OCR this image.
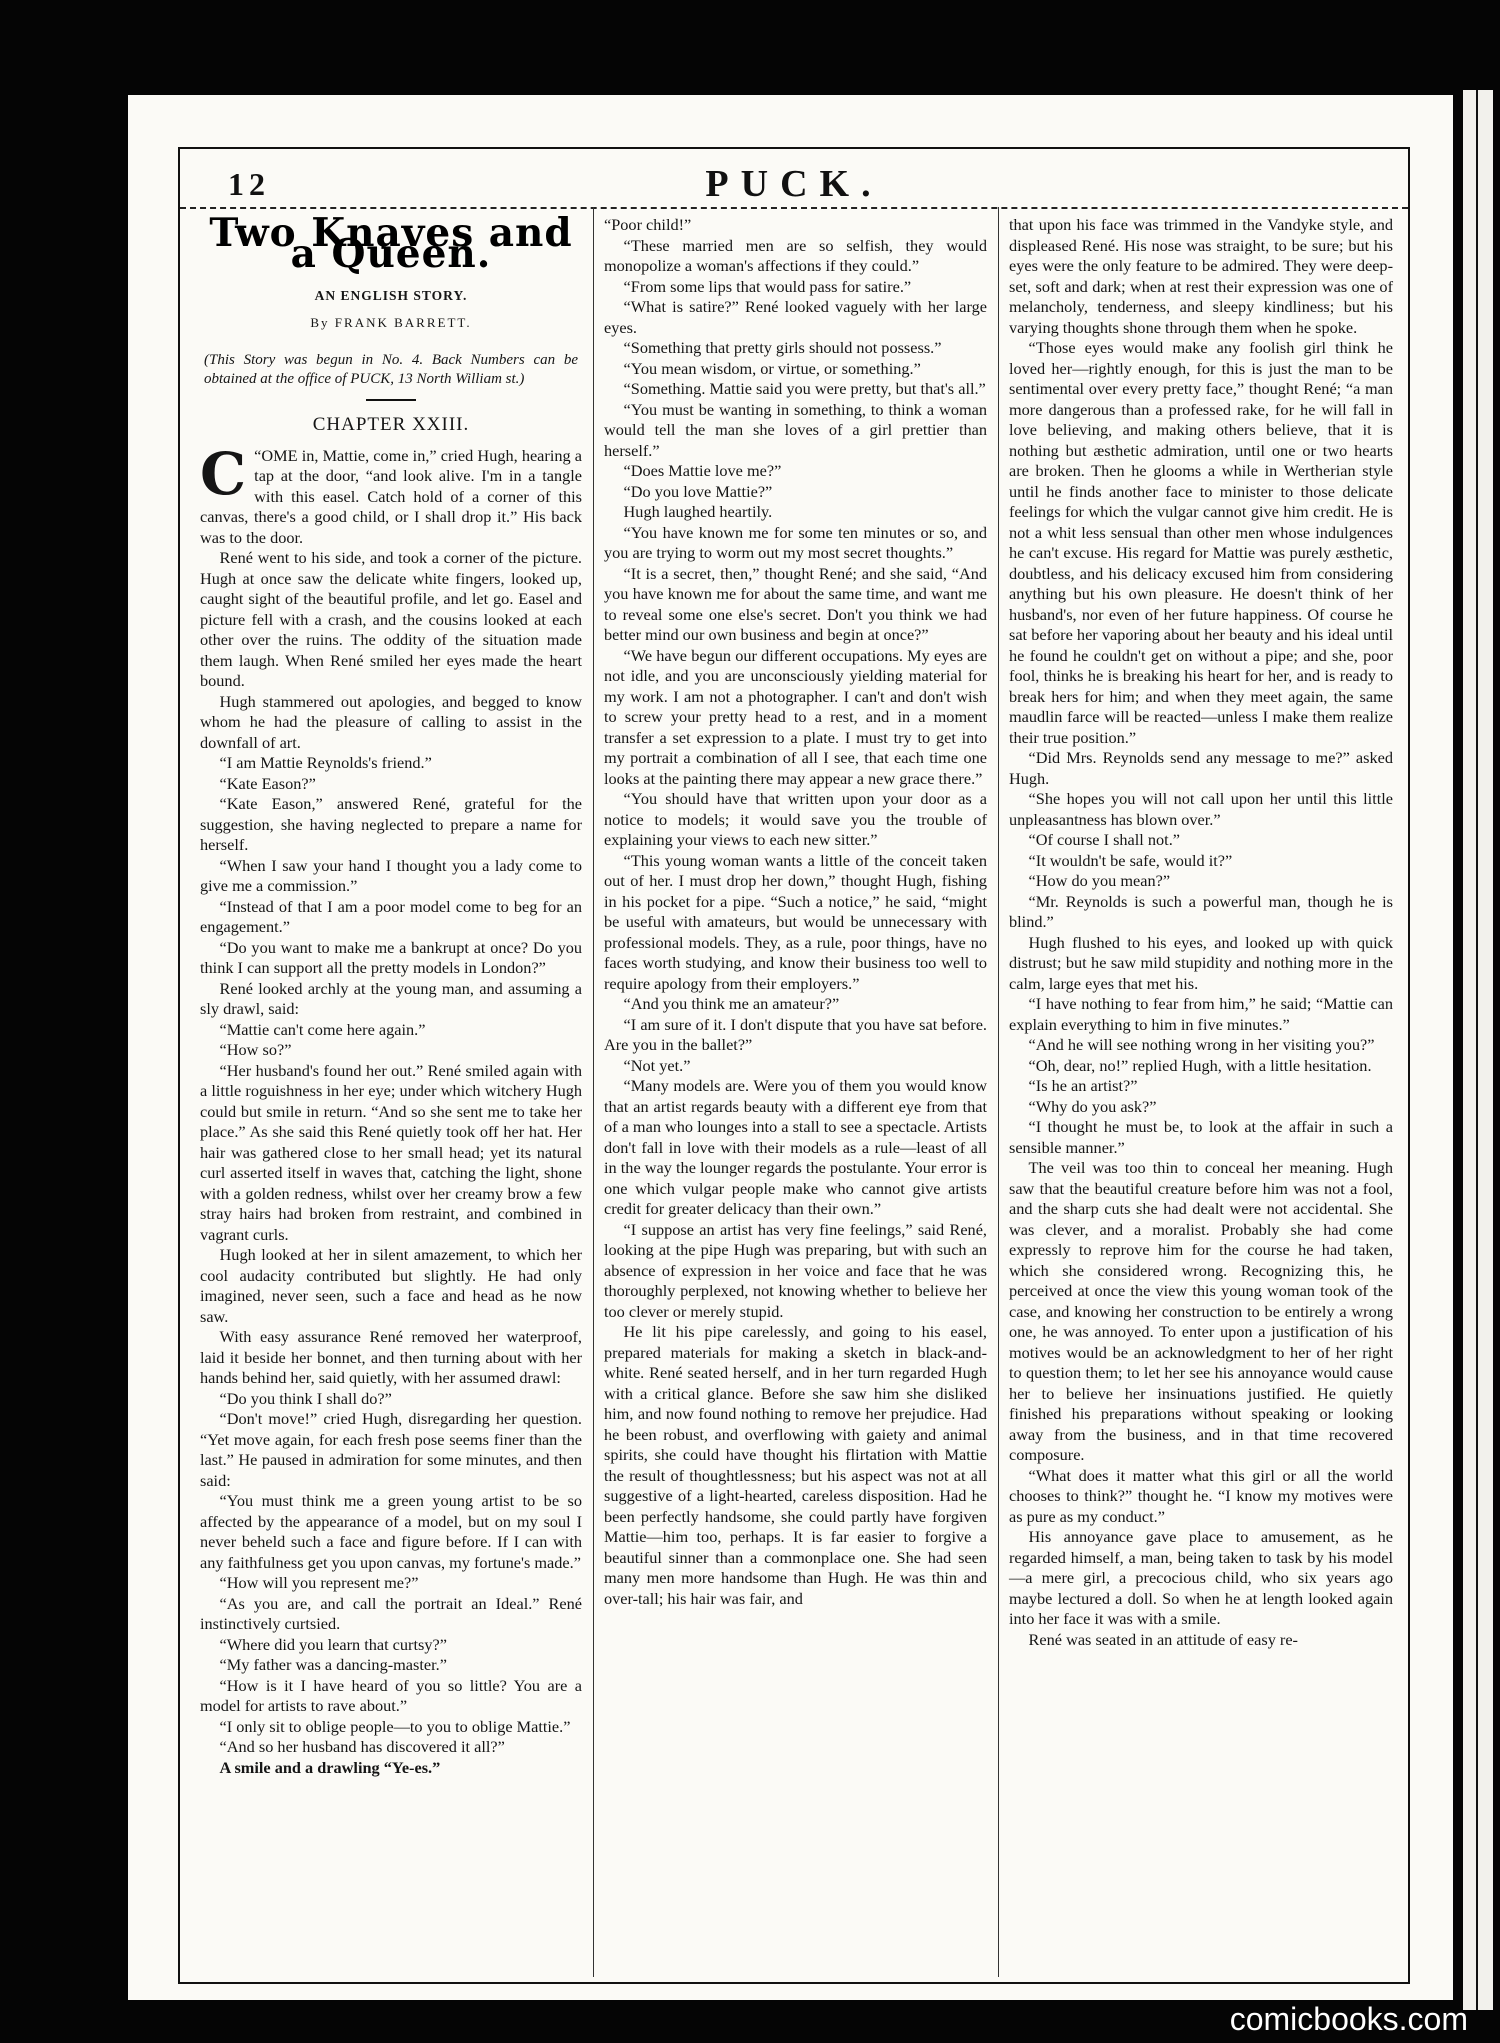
12	PUCK.
Two Knaves and a Queen.
AN ENGLISH STORY.
By FRANK BARRETT.
(This Story was begun in No. 4. Back Numbers can be obtained at the office of PUCK, 13 North William st.)
CHAPTER XXIII.

C “OME in, Mattie, come in,” cried Hugh, hearing a tap at the door, “and look alive. I'm in a tangle with this easel. Catch hold of a corner of this canvas, there's a good child, or I shall drop it.” His back was to the door.

René went to his side, and took a corner of the picture. Hugh at once saw the delicate white fingers, looked up, caught sight of the beautiful profile, and let go. Easel and picture fell with a crash, and the cousins looked at each other over the ruins. The oddity of the situation made them laugh. When René smiled her eyes made the heart bound.

Hugh stammered out apologies, and begged to know whom he had the pleasure of calling to assist in the downfall of art.

“I am Mattie Reynolds's friend.”

“Kate Eason?”

“Kate Eason,” answered René, grateful for the suggestion, she having neglected to prepare a name for herself.

“When I saw your hand I thought you a lady come to give me a commission.”

“Instead of that I am a poor model come to beg for an engagement.”

“Do you want to make me a bankrupt at once? Do you think I can support all the pretty models in London?”

René looked archly at the young man, and assuming a sly drawl, said:

“Mattie can't come here again.”

“How so?”

“Her husband's found her out.” René smiled again with a little roguishness in her eye; under which witchery Hugh could but smile in return. “And so she sent me to take her place.” As she said this René quietly took off her hat. Her hair was gathered close to her small head; yet its natural curl asserted itself in waves that, catching the light, shone with a golden redness, whilst over her creamy brow a few stray hairs had broken from restraint, and combined in vagrant curls.

Hugh looked at her in silent amazement, to which her cool audacity contributed but slightly. He had only imagined, never seen, such a face and head as he now saw.

With easy assurance René removed her waterproof, laid it beside her bonnet, and then turning about with her hands behind her, said quietly, with her assumed drawl:

“Do you think I shall do?”

“Don't move!” cried Hugh, disregarding her question. “Yet move again, for each fresh pose seems finer than the last.” He paused in admiration for some minutes, and then said:

“You must think me a green young artist to be so affected by the appearance of a model, but on my soul I never beheld such a face and figure before. If I can with any faithfulness get you upon canvas, my fortune's made.”

“How will you represent me?”

“As you are, and call the portrait an Ideal.” René instinctively curtsied.

“Where did you learn that curtsy?”

“My father was a dancing-master.”

“How is it I have heard of you so little? You are a model for artists to rave about.”

“I only sit to oblige people—to you to oblige Mattie.”

“And so her husband has discovered it all?”

A smile and a drawling “Ye-es.”

“Poor child!”

“These married men are so selfish, they would monopolize a woman's affections if they could.”

“From some lips that would pass for satire.”

“What is satire?” René looked vaguely with her large eyes.

“Something that pretty girls should not possess.”

“You mean wisdom, or virtue, or something.”

“Something. Mattie said you were pretty, but that's all.”

“You must be wanting in something, to think a woman would tell the man she loves of a girl prettier than herself.”

“Does Mattie love me?”

“Do you love Mattie?”

Hugh laughed heartily.

“You have known me for some ten minutes or so, and you are trying to worm out my most secret thoughts.”

“It is a secret, then,” thought René; and she said, “And you have known me for about the same time, and want me to reveal some one else's secret. Don't you think we had better mind our own business and begin at once?”

“We have begun our different occupations. My eyes are not idle, and you are unconsciously yielding material for my work. I am not a photographer. I can't and don't wish to screw your pretty head to a rest, and in a moment transfer a set expression to a plate. I must try to get into my portrait a combination of all I see, that each time one looks at the painting there may appear a new grace there.”

“You should have that written upon your door as a notice to models; it would save you the trouble of explaining your views to each new sitter.”

“This young woman wants a little of the conceit taken out of her. I must drop her down,” thought Hugh, fishing in his pocket for a pipe. “Such a notice,” he said, “might be useful with amateurs, but would be unnecessary with professional models. They, as a rule, poor things, have no faces worth studying, and know their business too well to require apology from their employers.”

“And you think me an amateur?”

“I am sure of it. I don't dispute that you have sat before. Are you in the ballet?”

“Not yet.”

“Many models are. Were you of them you would know that an artist regards beauty with a different eye from that of a man who lounges into a stall to see a spectacle. Artists don't fall in love with their models as a rule—least of all in the way the lounger regards the postulante. Your error is one which vulgar people make who cannot give artists credit for greater delicacy than their own.”

“I suppose an artist has very fine feelings,” said René, looking at the pipe Hugh was preparing, but with such an absence of expression in her voice and face that he was thoroughly perplexed, not knowing whether to believe her too clever or merely stupid.

He lit his pipe carelessly, and going to his easel, prepared materials for making a sketch in black-and-white. René seated herself, and in her turn regarded Hugh with a critical glance. Before she saw him she disliked him, and now found nothing to remove her prejudice. Had he been robust, and overflowing with gaiety and animal spirits, she could have thought his flirtation with Mattie the result of thoughtlessness; but his aspect was not at all suggestive of a light-hearted, careless disposition. Had he been perfectly handsome, she could partly have forgiven Mattie—him too, perhaps. It is far easier to forgive a beautiful sinner than a commonplace one. She had seen many men more handsome than Hugh. He was thin and over-tall; his hair was fair, and

that upon his face was trimmed in the Vandyke style, and displeased René. His nose was straight, to be sure; but his eyes were the only feature to be admired. They were deep-set, soft and dark; when at rest their expression was one of melancholy, tenderness, and sleepy kindliness; but his varying thoughts shone through them when he spoke.

“Those eyes would make any foolish girl think he loved her—rightly enough, for this is just the man to be sentimental over every pretty face,” thought René; “a man more dangerous than a professed rake, for he will fall in love believing, and making others believe, that it is nothing but æsthetic admiration, until one or two hearts are broken. Then he glooms a while in Wertherian style until he finds another face to minister to those delicate feelings for which the vulgar cannot give him credit. He is not a whit less sensual than other men whose indulgences he can't excuse. His regard for Mattie was purely æsthetic, doubtless, and his delicacy excused him from considering anything but his own pleasure. He doesn't think of her husband's, nor even of her future happiness. Of course he sat before her vaporing about her beauty and his ideal until he found he couldn't get on without a pipe; and she, poor fool, thinks he is breaking his heart for her, and is ready to break hers for him; and when they meet again, the same maudlin farce will be reacted—unless I make them realize their true position.”

“Did Mrs. Reynolds send any message to me?” asked Hugh.

“She hopes you will not call upon her until this little unpleasantness has blown over.”

“Of course I shall not.”

“It wouldn't be safe, would it?”

“How do you mean?”

“Mr. Reynolds is such a powerful man, though he is blind.”

Hugh flushed to his eyes, and looked up with quick distrust; but he saw mild stupidity and nothing more in the calm, large eyes that met his.

“I have nothing to fear from him,” he said; “Mattie can explain everything to him in five minutes.”

“And he will see nothing wrong in her visiting you?”

“Oh, dear, no!” replied Hugh, with a little hesitation.

“Is he an artist?”

“Why do you ask?”

“I thought he must be, to look at the affair in such a sensible manner.”

The veil was too thin to conceal her meaning. Hugh saw that the beautiful creature before him was not a fool, and the sharp cuts she had dealt were not accidental. She was clever, and a moralist. Probably she had come expressly to reprove him for the course he had taken, which she considered wrong. Recognizing this, he perceived at once the view this young woman took of the case, and knowing her construction to be entirely a wrong one, he was annoyed. To enter upon a justification of his motives would be an acknowledgment to her of her right to question them; to let her see his annoyance would cause her to believe her insinuations justified. He quietly finished his preparations without speaking or looking away from the business, and in that time recovered composure.

“What does it matter what this girl or all the world chooses to think?” thought he. “I know my motives were as pure as my conduct.”

His annoyance gave place to amusement, as he regarded himself, a man, being taken to task by his model—a mere girl, a precocious child, who six years ago maybe lectured a doll. So when he at length looked again into her face it was with a smile.

René was seated in an attitude of easy re-

comicbooks.com
